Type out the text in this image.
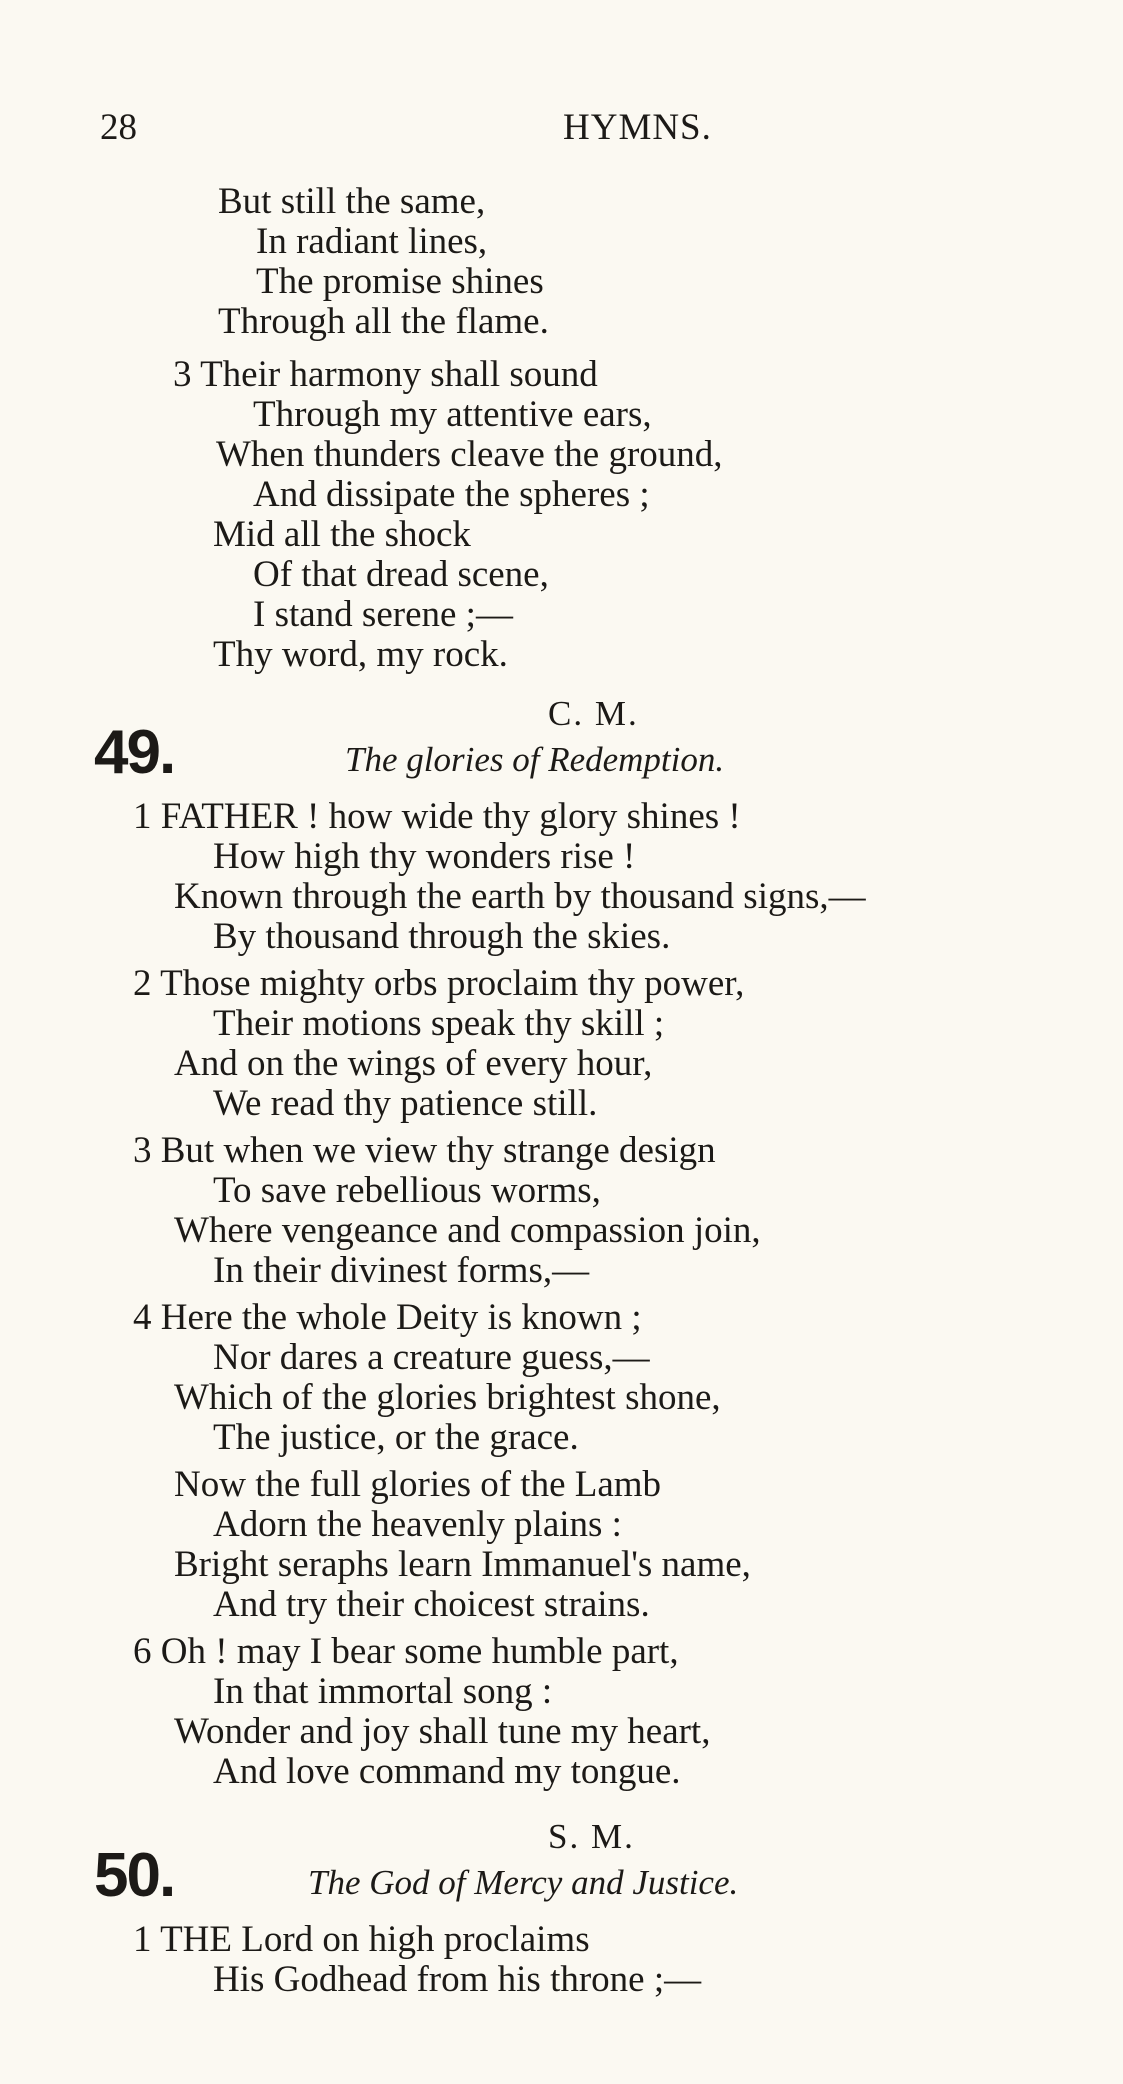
28	HYMNS.
But still the same,
In radiant lines,
The promise shines
Through all the flame.
3 Their harmony shall sound
Through my attentive ears,
When thunders cleave the ground,
And dissipate the spheres ;
Mid all the shock
Of that dread scene,
I stand serene ;—
Thy word, my rock.
C. M.
49.	The glories of Redemption.
1 FATHER ! how wide thy glory shines !
How high thy wonders rise !
Known through the earth by thousand signs,—
By thousand through the skies.
2 Those mighty orbs proclaim thy power,
Their motions speak thy skill ;
And on the wings of every hour,
We read thy patience still.
3 But when we view thy strange design
To save rebellious worms,
Where vengeance and compassion join,
In their divinest forms,—
4 Here the whole Deity is known ;
Nor dares a creature guess,—
Which of the glories brightest shone,
The justice, or the grace.
Now the full glories of the Lamb
Adorn the heavenly plains :
Bright seraphs learn Immanuel's name,
And try their choicest strains.
6 Oh ! may I bear some humble part,
In that immortal song :
Wonder and joy shall tune my heart,
And love command my tongue.
S. M.
50.	The God of Mercy and Justice.
1 THE Lord on high proclaims
His Godhead from his throne ;—
